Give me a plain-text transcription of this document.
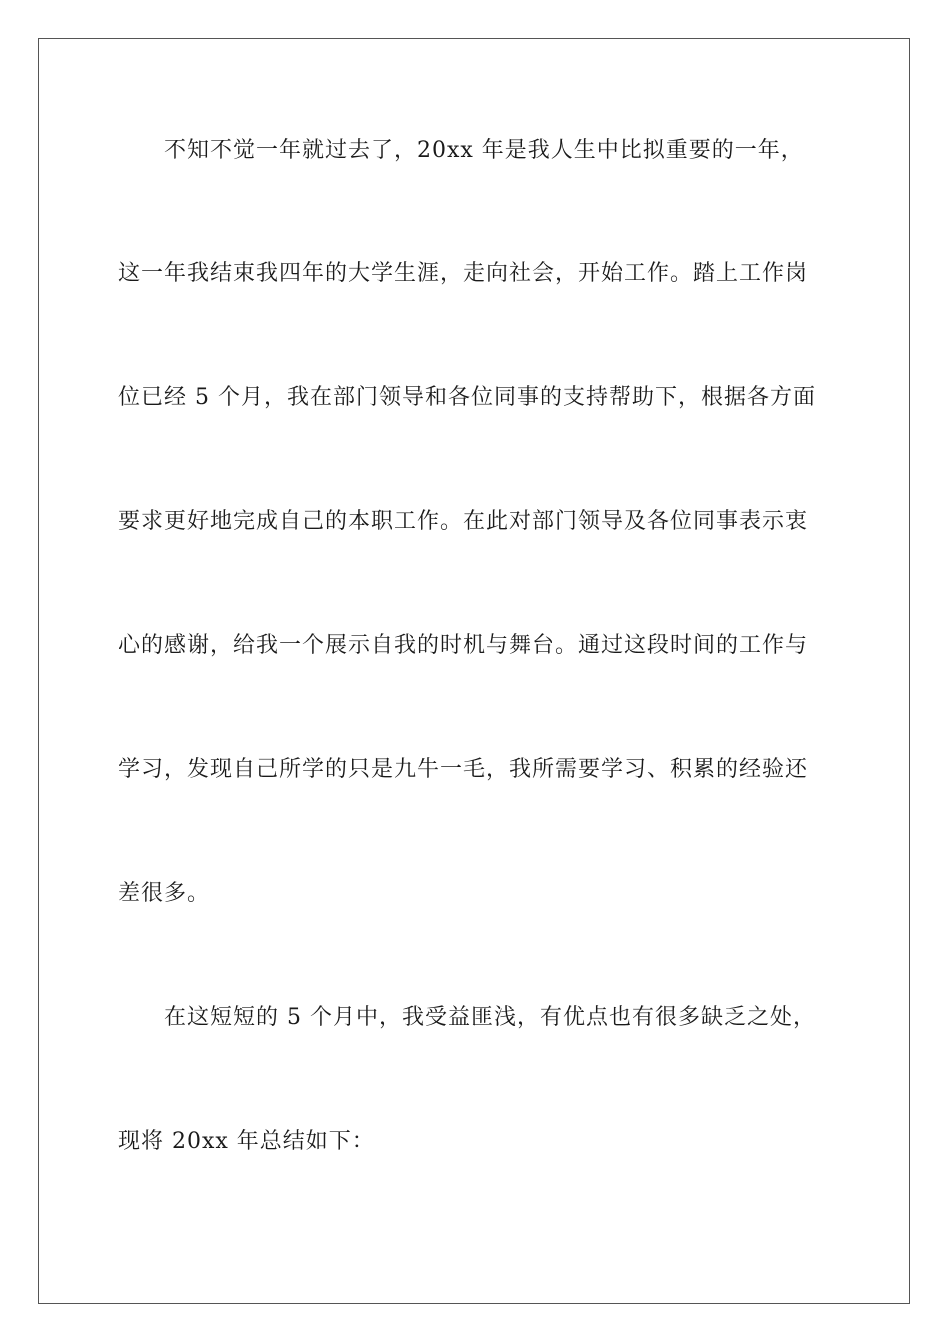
不知不觉一年就过去了，20xx 年是我人生中比拟重要的一年，

这一年我结束我四年的大学生涯，走向社会，开始工作。踏上工作岗

位已经 5 个月，我在部门领导和各位同事的支持帮助下，根据各方面

要求更好地完成自己的本职工作。在此对部门领导及各位同事表示衷

心的感谢，给我一个展示自我的时机与舞台。通过这段时间的工作与

学习，发现自己所学的只是九牛一毛，我所需要学习、积累的经验还

差很多。

在这短短的 5 个月中，我受益匪浅，有优点也有很多缺乏之处，

现将 20xx 年总结如下：
